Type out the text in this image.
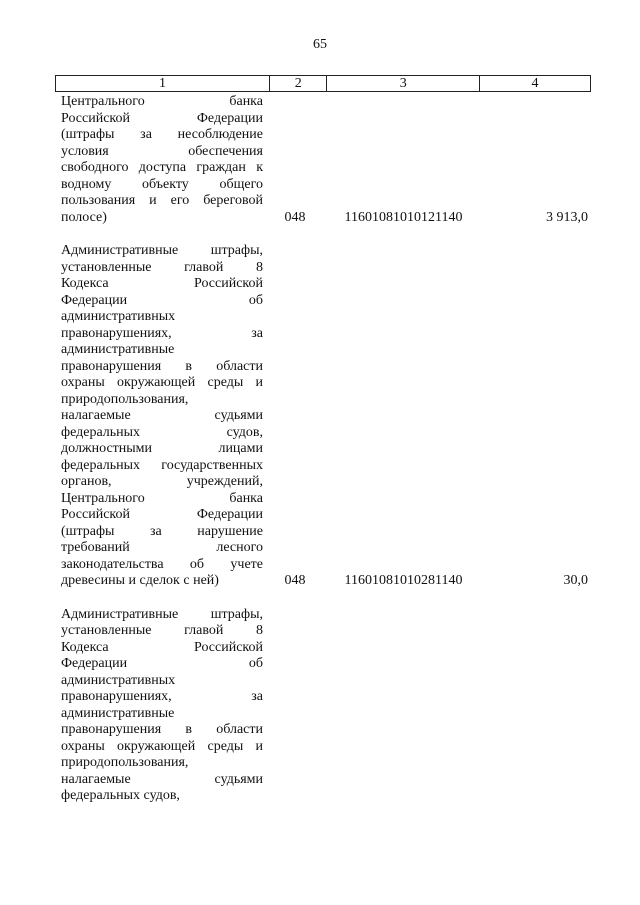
65
1	2	3	4
Центрального банка
Российской Федерации
(штрафы за несоблюдение
условия обеспечения
свободного доступа граждан к
водному объекту общего
пользования и его береговой
полосе)	048	11601081010121140	3 913,0
Административные штрафы,
установленные главой 8
Кодекса Российской
Федерации об
административных
правонарушениях, за
административные
правонарушения в области
охраны окружающей среды и
природопользования,
налагаемые судьями
федеральных судов,
должностными лицами
федеральных государственных
органов, учреждений,
Центрального банка
Российской Федерации
(штрафы за нарушение
требований лесного
законодательства об учете
древесины и сделок с ней)	048	11601081010281140	30,0
Административные штрафы,
установленные главой 8
Кодекса Российской
Федерации об
административных
правонарушениях, за
административные
правонарушения в области
охраны окружающей среды и
природопользования,
налагаемые судьями
федеральных судов,
